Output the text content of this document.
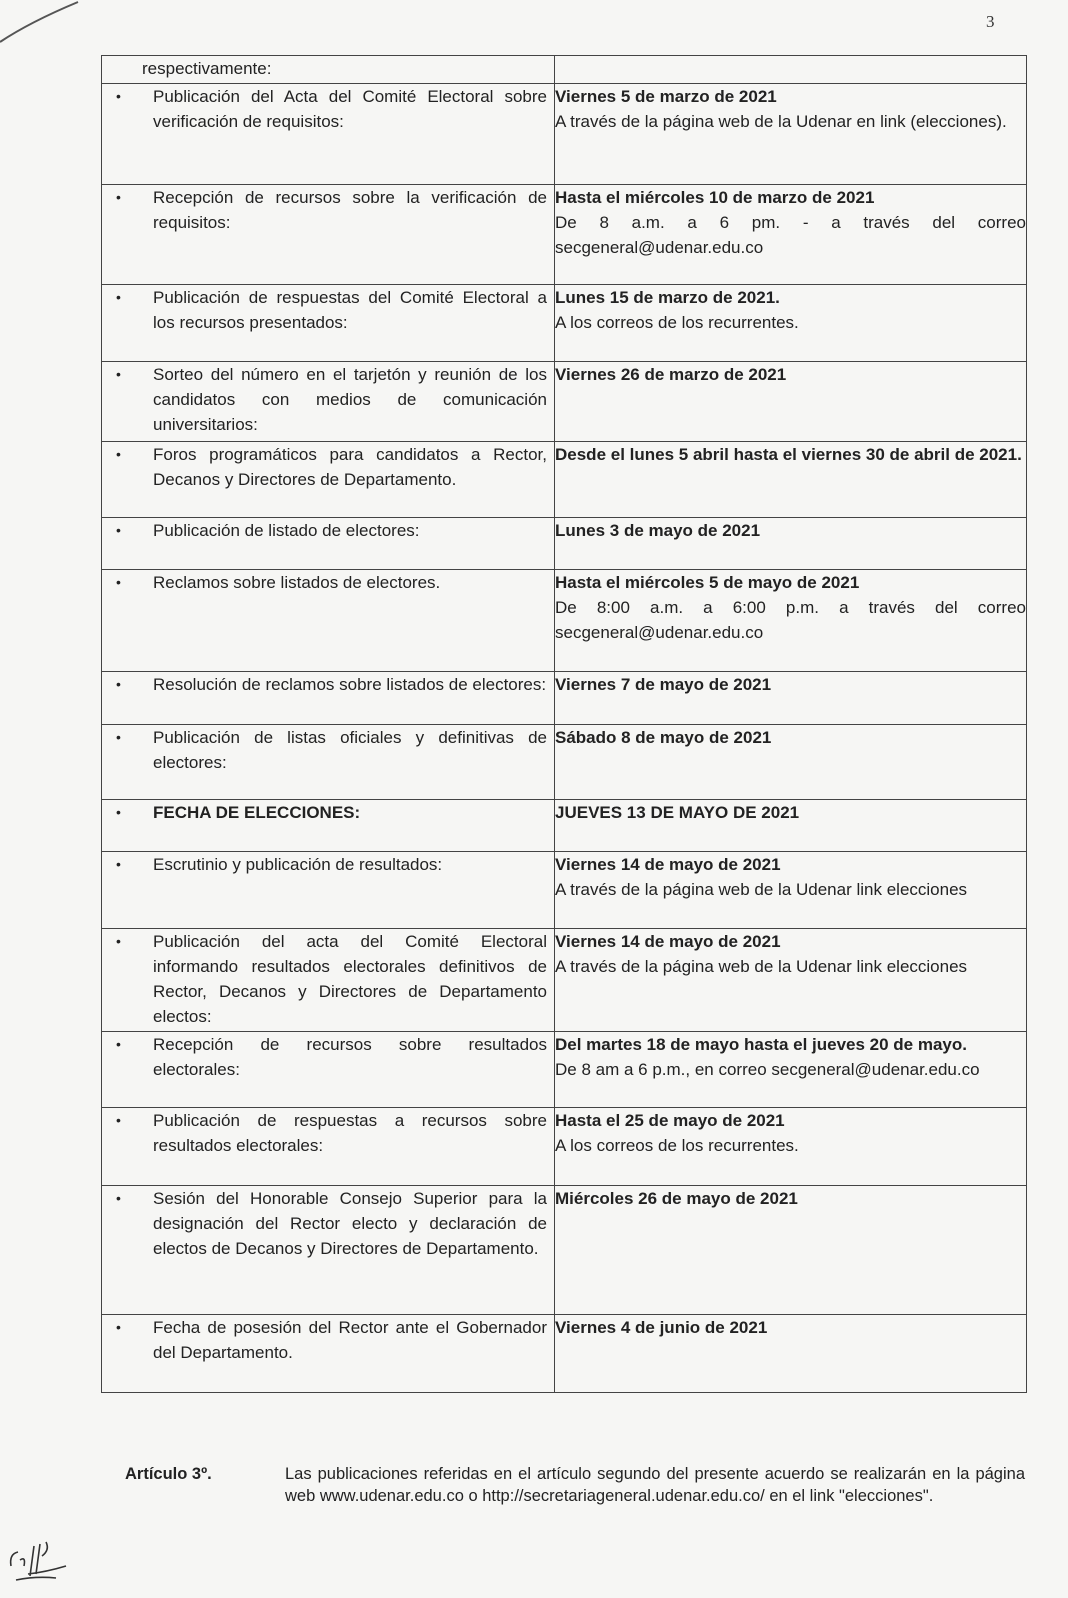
3
respectivamente:	

• Publicación del Acta del Comité Electoral sobre verificación de requisitos:	Viernes 5 de marzo de 2021
A través de la página web de la Udenar en link (elecciones).

• Recepción de recursos sobre la verificación de requisitos:	Hasta el miércoles 10 de marzo de 2021
De 8 a.m. a 6 pm. - a través del correo secgeneral@udenar.edu.co

• Publicación de respuestas del Comité Electoral a los recursos presentados:	Lunes 15 de marzo de 2021.
A los correos de los recurrentes.

• Sorteo del número en el tarjetón y reunión de los candidatos con medios de comunicación universitarios:	Viernes 26 de marzo de 2021

• Foros programáticos para candidatos a Rector, Decanos y Directores de Departamento.	Desde el lunes 5 abril hasta el viernes 30 de abril de 2021.

• Publicación de listado de electores:	Lunes 3 de mayo de 2021

• Reclamos sobre listados de electores.	Hasta el miércoles 5 de mayo de 2021
De 8:00 a.m. a 6:00 p.m. a través del correo secgeneral@udenar.edu.co

• Resolución de reclamos sobre listados de electores:	Viernes 7 de mayo de 2021

• Publicación de listas oficiales y definitivas de electores:	Sábado 8 de mayo de 2021

• FECHA DE ELECCIONES:	JUEVES 13 DE MAYO DE 2021

• Escrutinio y publicación de resultados:	Viernes 14 de mayo de 2021
A través de la página web de la Udenar link elecciones

• Publicación del acta del Comité Electoral informando resultados electorales definitivos de Rector, Decanos y Directores de Departamento electos:	Viernes 14 de mayo de 2021
A través de la página web de la Udenar link elecciones

• Recepción de recursos sobre resultados electorales:	Del martes 18 de mayo hasta el jueves 20 de mayo.
De 8 am a 6 p.m., en correo secgeneral@udenar.edu.co

• Publicación de respuestas a recursos sobre resultados electorales:	Hasta el 25 de mayo de 2021
A los correos de los recurrentes.

• Sesión del Honorable Consejo Superior para la designación del Rector electo y declaración de electos de Decanos y Directores de Departamento.	Miércoles 26 de mayo de 2021

• Fecha de posesión del Rector ante el Gobernador del Departamento.	Viernes 4 de junio de 2021
Artículo 3º.	Las publicaciones referidas en el artículo segundo del presente acuerdo se realizarán en la página web www.udenar.edu.co o http://secretariageneral.udenar.edu.co/ en el link "elecciones".
